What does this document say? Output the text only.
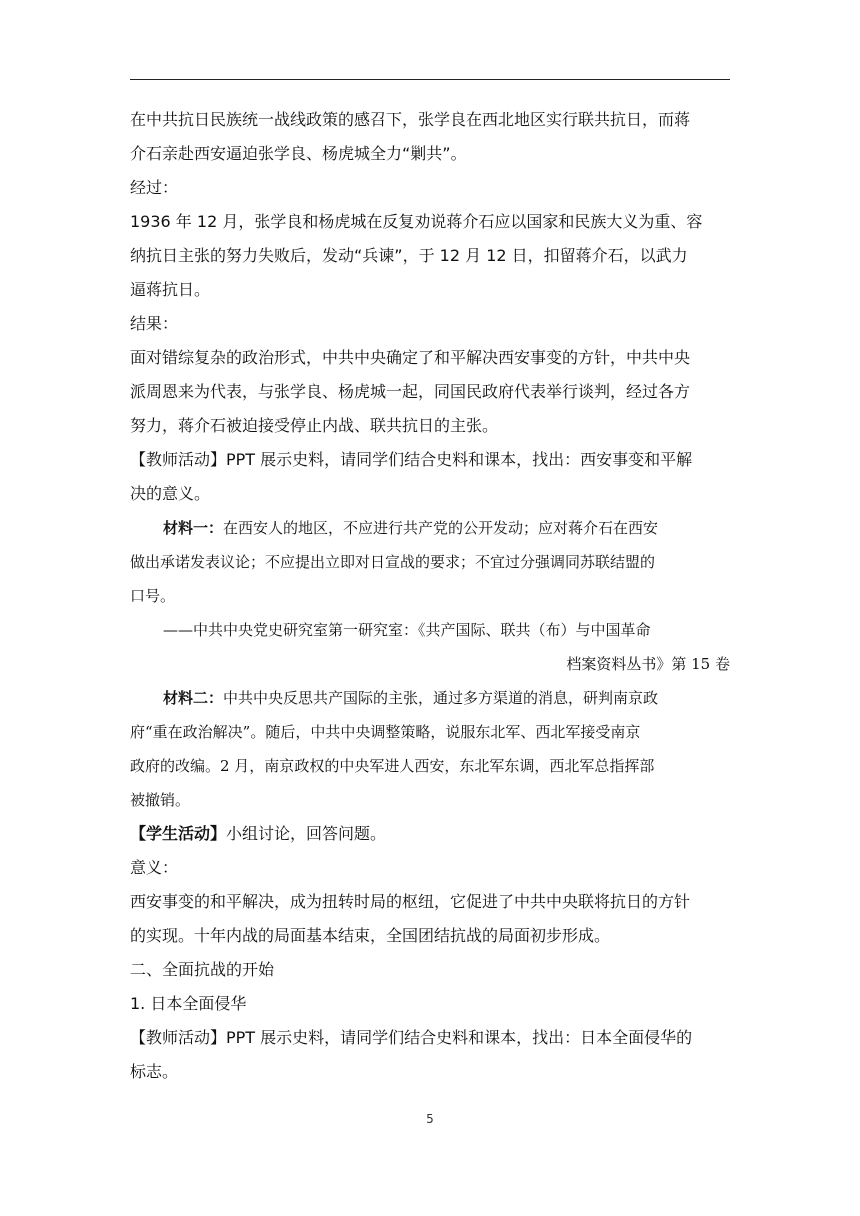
在中共抗日民族统一战线政策的感召下，张学良在西北地区实行联共抗日，而蒋
介石亲赴西安逼迫张学良、杨虎城全力“剿共”。
经过：
1936 年 12 月，张学良和杨虎城在反复劝说蒋介石应以国家和民族大义为重、容
纳抗日主张的努力失败后，发动“兵谏”，于 12 月 12 日，扣留蒋介石，以武力
逼蒋抗日。
结果：
面对错综复杂的政治形式，中共中央确定了和平解决西安事变的方针，中共中央
派周恩来为代表，与张学良、杨虎城一起，同国民政府代表举行谈判，经过各方
努力，蒋介石被迫接受停止内战、联共抗日的主张。
【教师活动】PPT 展示史料，请同学们结合史料和课本，找出：西安事变和平解
决的意义。
材料一：在西安人的地区，不应进行共产党的公开发动；应对蒋介石在西安
做出承诺发表议论；不应提出立即对日宣战的要求；不宜过分强调同苏联结盟的
口号。
——中共中央党史研究室第一研究室：《共产国际、联共（布）与中国革命
档案资料丛书》第 15 卷
材料二：中共中央反思共产国际的主张，通过多方渠道的消息，研判南京政
府“重在政治解决”。随后，中共中央调整策略，说服东北军、西北军接受南京
政府的改编。2 月，南京政权的中央军进人西安，东北军东调，西北军总指挥部
被撤销。
【学生活动】小组讨论，回答问题。
意义：
西安事变的和平解决，成为扭转时局的枢纽，它促进了中共中央联将抗日的方针
的实现。十年内战的局面基本结束，全国团结抗战的局面初步形成。
二、全面抗战的开始
1. 日本全面侵华
【教师活动】PPT 展示史料，请同学们结合史料和课本，找出：日本全面侵华的
标志。
5
